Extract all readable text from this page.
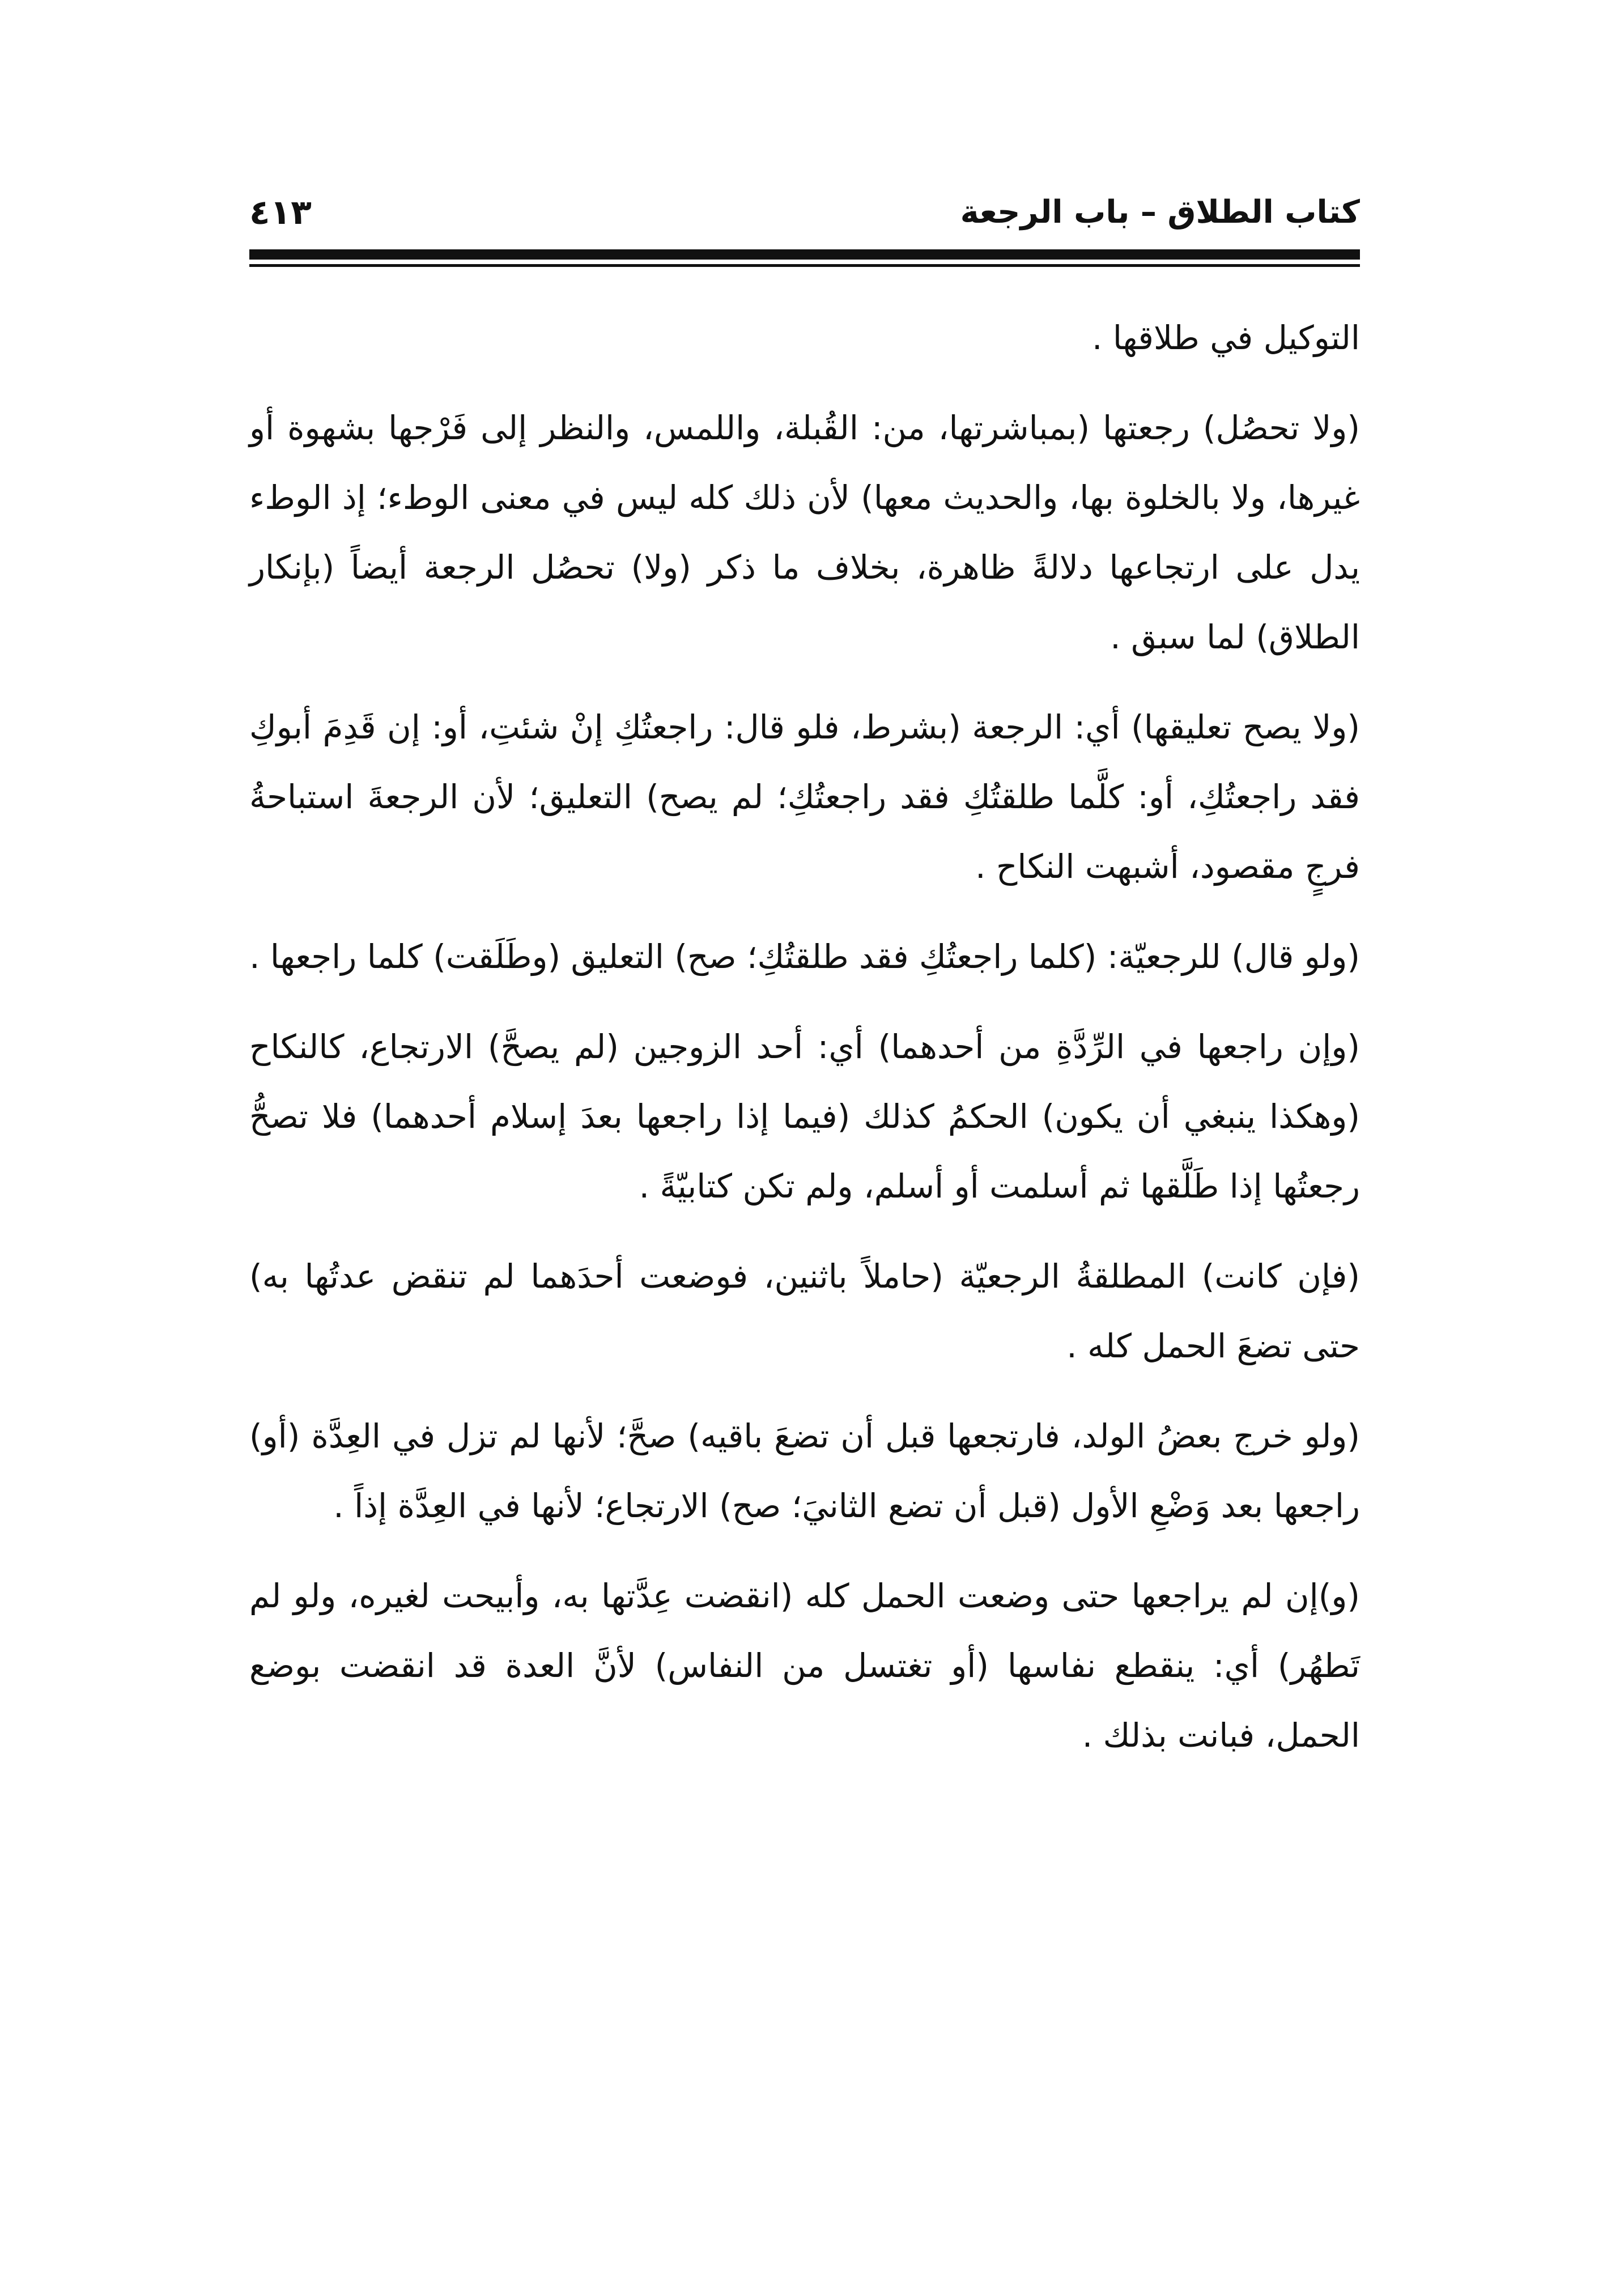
كتاب الطلاق – باب الرجعة
٤١٣

التوكيل في طلاقها .

(ولا تحصُل) رجعتها (بمباشرتها، من: القُبلة، واللمس، والنظر إلى فَرْجها بشهوة أو غيرها، ولا بالخلوة بها، والحديث معها) لأن ذلك كله ليس في معنى الوطء؛ إذ الوطء يدل على ارتجاعها دلالةً ظاهرة، بخلاف ما ذكر (ولا) تحصُل الرجعة أيضاً (بإنكار الطلاق) لما سبق .

(ولا يصح تعليقها) أي: الرجعة (بشرط، فلو قال: راجعتُكِ إنْ شئتِ، أو: إن قَدِمَ أبوكِ فقد راجعتُكِ، أو: كلَّما طلقتُكِ فقد راجعتُكِ؛ لم يصح) التعليق؛ لأن الرجعةَ استباحةُ فرجٍ مقصود، أشبهت النكاح .

(ولو قال) للرجعيّة: (كلما راجعتُكِ فقد طلقتُكِ؛ صح) التعليق (وطَلَقت) كلما راجعها .

(وإن راجعها في الرِّدَّةِ من أحدهما) أي: أحد الزوجين (لم يصحَّ) الارتجاع، كالنكاح (وهكذا ينبغي أن يكون) الحكمُ كذلك (فيما إذا راجعها بعدَ إسلام أحدهما) فلا تصحُّ رجعتُها إذا طَلَّقها ثم أسلمت أو أسلم، ولم تكن كتابيّةً .

(فإن كانت) المطلقةُ الرجعيّة (حاملاً باثنين، فوضعت أحدَهما لم تنقض عدتُها به) حتى تضعَ الحمل كله .

(ولو خرج بعضُ الولد، فارتجعها قبل أن تضعَ باقيه) صحَّ؛ لأنها لم تزل في العِدَّة (أو) راجعها بعد وَضْعِ الأول (قبل أن تضع الثانيَ؛ صح) الارتجاع؛ لأنها في العِدَّة إذاً .

(و)إن لم يراجعها حتى وضعت الحمل كله (انقضت عِدَّتها به، وأبيحت لغيره، ولو لم تَطهُر) أي: ينقطع نفاسها (أو تغتسل من النفاس) لأنَّ العدة قد انقضت بوضع الحمل، فبانت بذلك .
